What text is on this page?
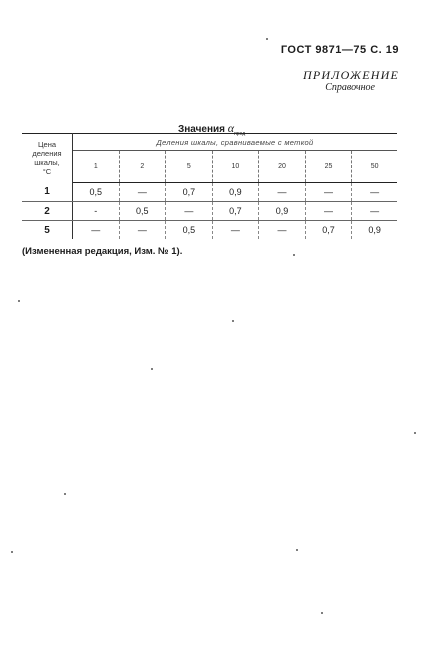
ГОСТ 9871—75 С. 19
ПРИЛОЖЕНИЕ
Справочное
Значения $\alpha_{пред}$
Цена
деления
шкалы,
°С	Деления шкалы, сравниваемые с меткой						
	1	2	5	10	20	25	50
1	0,5	—	0,7	0,9	—	—	—
2	-	0,5	—	0,7	0,9	—	—
5	—	—	0,5	—	—	0,7	0,9
(Измененная редакция, Изм. № 1).
